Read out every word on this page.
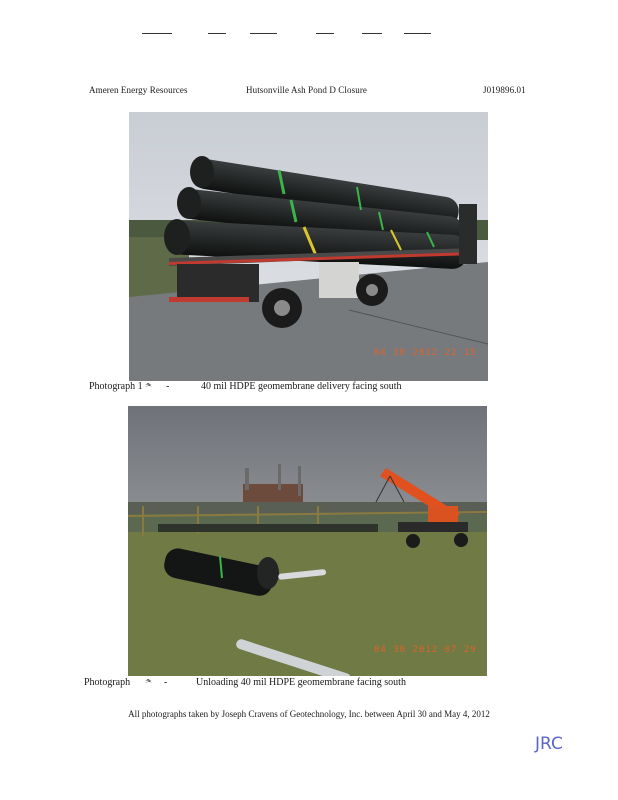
Ameren Energy Resources	Hutsonville Ash Pond D Closure	J019896.01
04 30 2012 22 15
Photograph 1 ᄎ -	40 mil HDPE geomembrane delivery facing south
04 30 2012 07 29
Photograph ᄎ -	Unloading 40 mil HDPE geomembrane facing south
All photographs taken by Joseph Cravens of Geotechnology, Inc. between April 30 and May 4, 2012
JRC
